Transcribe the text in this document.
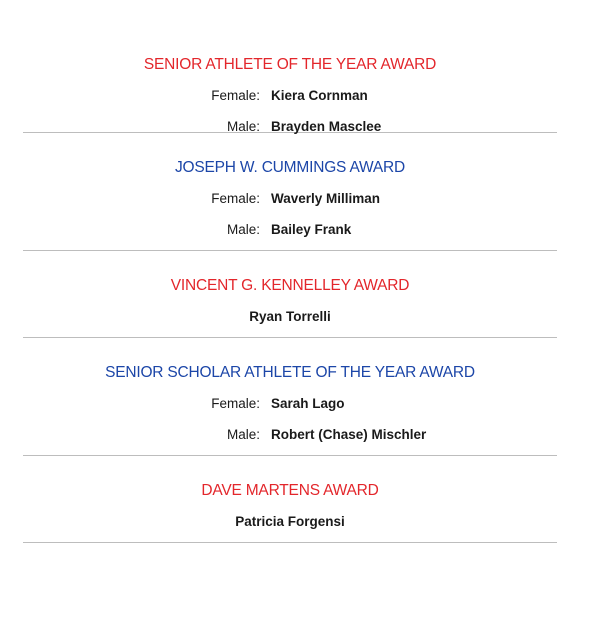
SENIOR ATHLETE OF THE YEAR AWARD
Female: Kiera Cornman
Male: Brayden Masclee
JOSEPH W. CUMMINGS AWARD
Female: Waverly Milliman
Male: Bailey Frank
VINCENT G. KENNELLEY AWARD
Ryan Torrelli
SENIOR SCHOLAR ATHLETE OF THE YEAR AWARD
Female: Sarah Lago
Male: Robert (Chase) Mischler
DAVE MARTENS AWARD
Patricia Forgensi
